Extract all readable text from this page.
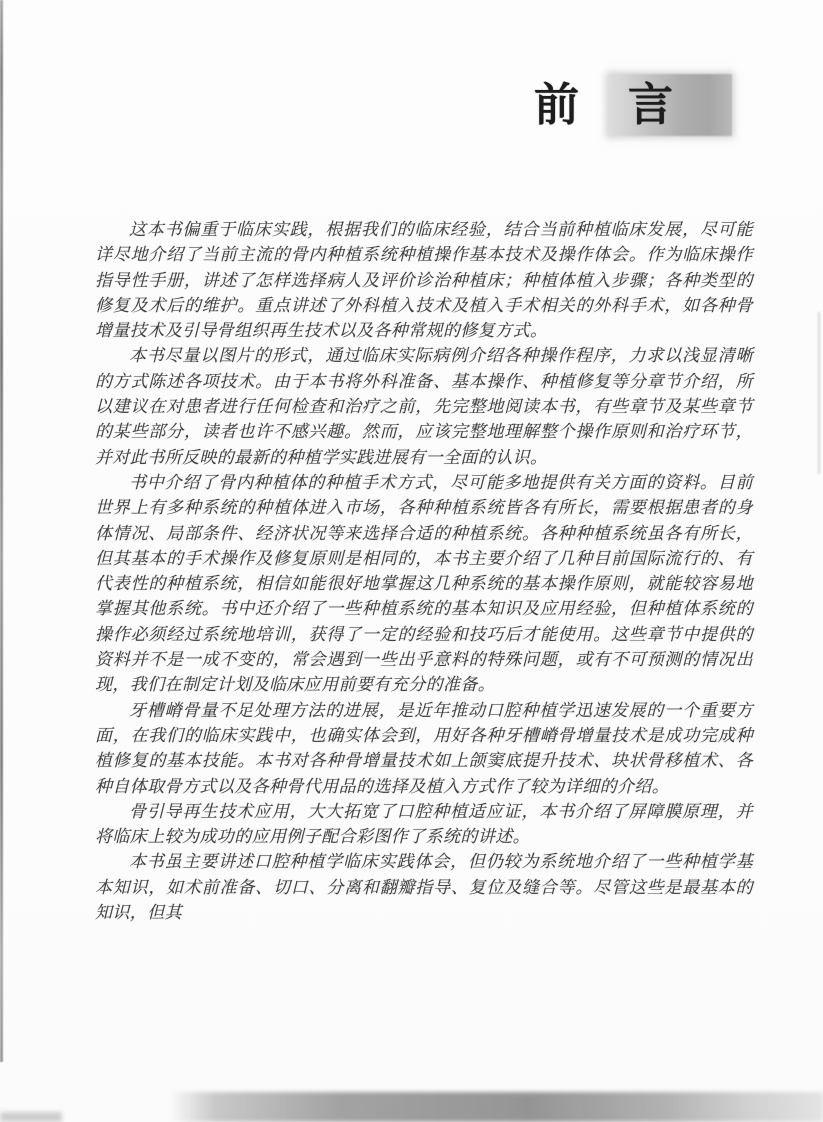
前　言

这本书偏重于临床实践，根据我们的临床经验，结合当前种植临床发展，尽可能详尽地介绍了当前主流的骨内种植系统种植操作基本技术及操作体会。作为临床操作指导性手册，讲述了怎样选择病人及评价诊治种植床；种植体植入步骤；各种类型的修复及术后的维护。重点讲述了外科植入技术及植入手术相关的外科手术，如各种骨增量技术及引导骨组织再生技术以及各种常规的修复方式。

本书尽量以图片的形式，通过临床实际病例介绍各种操作程序，力求以浅显清晰的方式陈述各项技术。由于本书将外科准备、基本操作、种植修复等分章节介绍，所以建议在对患者进行任何检查和治疗之前，先完整地阅读本书，有些章节及某些章节的某些部分，读者也许不感兴趣。然而，应该完整地理解整个操作原则和治疗环节，并对此书所反映的最新的种植学实践进展有一全面的认识。

书中介绍了骨内种植体的种植手术方式，尽可能多地提供有关方面的资料。目前世界上有多种系统的种植体进入市场，各种种植系统皆各有所长，需要根据患者的身体情况、局部条件、经济状况等来选择合适的种植系统。各种种植系统虽各有所长，但其基本的手术操作及修复原则是相同的，本书主要介绍了几种目前国际流行的、有代表性的种植系统，相信如能很好地掌握这几种系统的基本操作原则，就能较容易地掌握其他系统。书中还介绍了一些种植系统的基本知识及应用经验，但种植体系统的操作必须经过系统地培训，获得了一定的经验和技巧后才能使用。这些章节中提供的资料并不是一成不变的，常会遇到一些出乎意料的特殊问题，或有不可预测的情况出现，我们在制定计划及临床应用前要有充分的准备。

牙槽嵴骨量不足处理方法的进展，是近年推动口腔种植学迅速发展的一个重要方面，在我们的临床实践中，也确实体会到，用好各种牙槽嵴骨增量技术是成功完成种植修复的基本技能。本书对各种骨增量技术如上颌窦底提升技术、块状骨移植术、各种自体取骨方式以及各种骨代用品的选择及植入方式作了较为详细的介绍。

骨引导再生技术应用，大大拓宽了口腔种植适应证，本书介绍了屏障膜原理，并将临床上较为成功的应用例子配合彩图作了系统的讲述。

本书虽主要讲述口腔种植学临床实践体会，但仍较为系统地介绍了一些种植学基本知识，如术前准备、切口、分离和翻瓣指导、复位及缝合等。尽管这些是最基本的知识，但其
